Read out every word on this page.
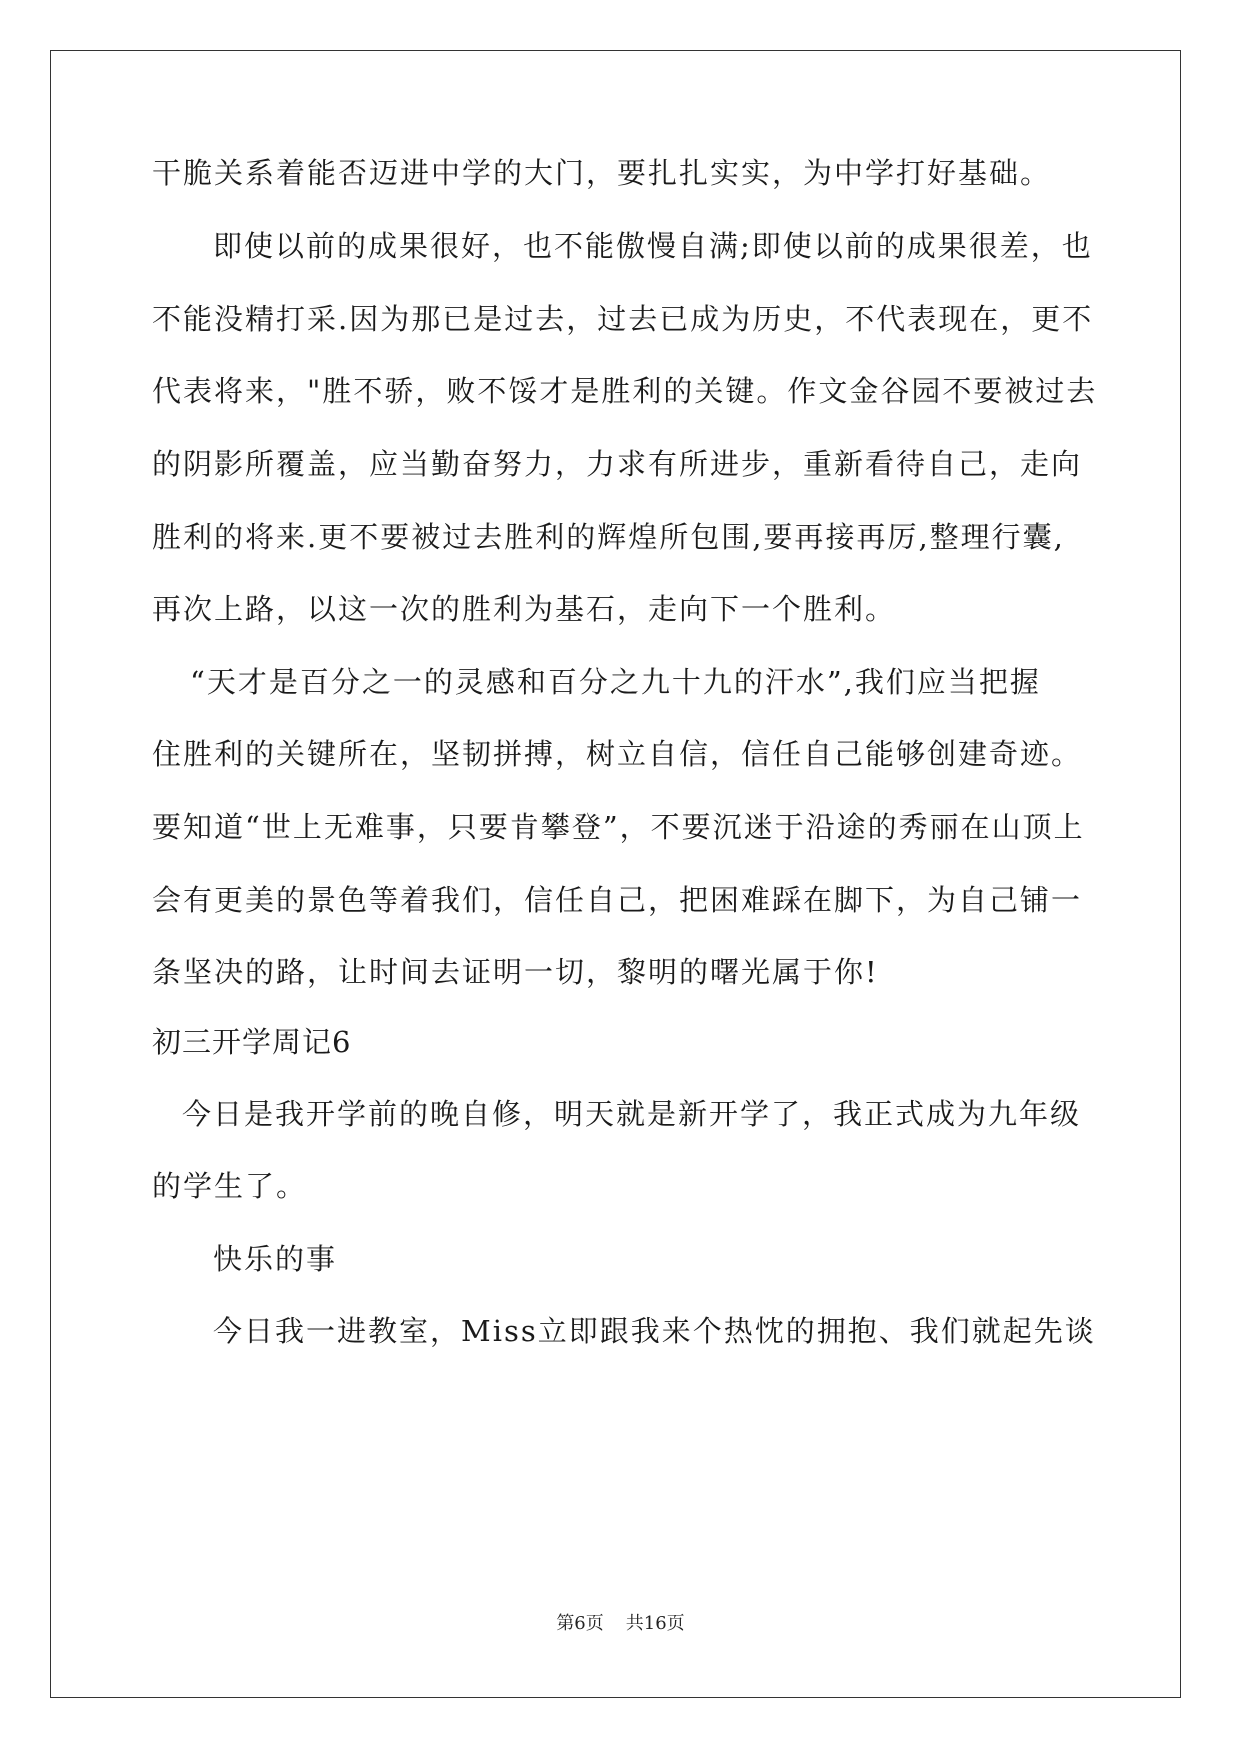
干脆关系着能否迈进中学的大门，要扎扎实实，为中学打好基础。
即使以前的成果很好，也不能傲慢自满;即使以前的成果很差，也
不能没精打采.因为那已是过去，过去已成为历史，不代表现在，更不
代表将来，"胜不骄，败不馁才是胜利的关键。作文金谷园不要被过去
的阴影所覆盖，应当勤奋努力，力求有所进步，重新看待自己，走向
胜利的将来.更不要被过去胜利的辉煌所包围,要再接再厉,整理行囊,
再次上路，以这一次的胜利为基石，走向下一个胜利。
“天才是百分之一的灵感和百分之九十九的汗水”,我们应当把握
住胜利的关键所在，坚韧拼搏，树立自信，信任自己能够创建奇迹。
要知道“世上无难事，只要肯攀登”，不要沉迷于沿途的秀丽在山顶上
会有更美的景色等着我们，信任自己，把困难踩在脚下，为自己铺一
条坚决的路，让时间去证明一切，黎明的曙光属于你!
初三开学周记6
今日是我开学前的晚自修，明天就是新开学了，我正式成为九年级
的学生了。
快乐的事
今日我一进教室，Miss立即跟我来个热忱的拥抱、我们就起先谈
第6页 共16页
